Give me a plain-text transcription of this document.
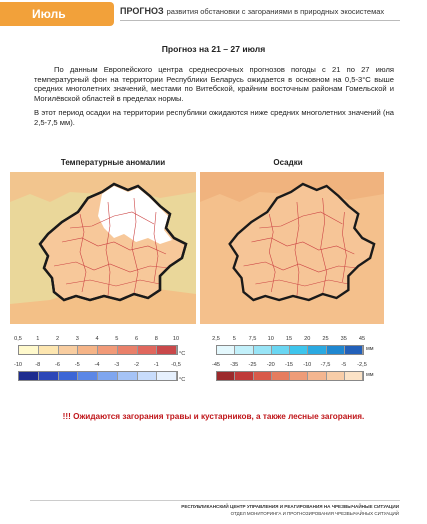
Июль	ПРОГНОЗ развития обстановки с загораниями в природных экосистемах
Прогноз на 21 – 27 июля
По данным Европейского центра среднесрочных прогнозов погоды с 21 по 27 июля температурный фон на территории Республики Беларусь ожидается в основном на 0,5-3°С выше средних многолетних значений, местами по Витебской, крайним восточным районам Гомельской и Могилёвской областей в пределах нормы.
В этот период осадки на территории республики ожидаются ниже средних многолетних значений (на 2,5-7,5 мм).
Температурные аномалии	Осадки
0,5	1	2	3	4	5	6	8	10
°С
-10 -8	-6	-5	-4	-3	-2	-1 -0,5
°С
2,5 5 7,5 10 15 20 25 35 45
мм
-45 -35 -25 -20 -15 -10 -7,5 -5 -2,5
мм
!!! Ожидаются загорания травы и кустарников, а также лесные загорания.
РЕСПУБЛИКАНСКИЙ ЦЕНТР УПРАВЛЕНИЯ И РЕАГИРОВАНИЯ НА ЧРЕЗВЫЧАЙНЫЕ СИТУАЦИИ
ОТДЕЛ МОНИТОРИНГА И ПРОГНОЗИРОВАНИЯ ЧРЕЗВЫЧАЙНЫХ СИТУАЦИЙ
